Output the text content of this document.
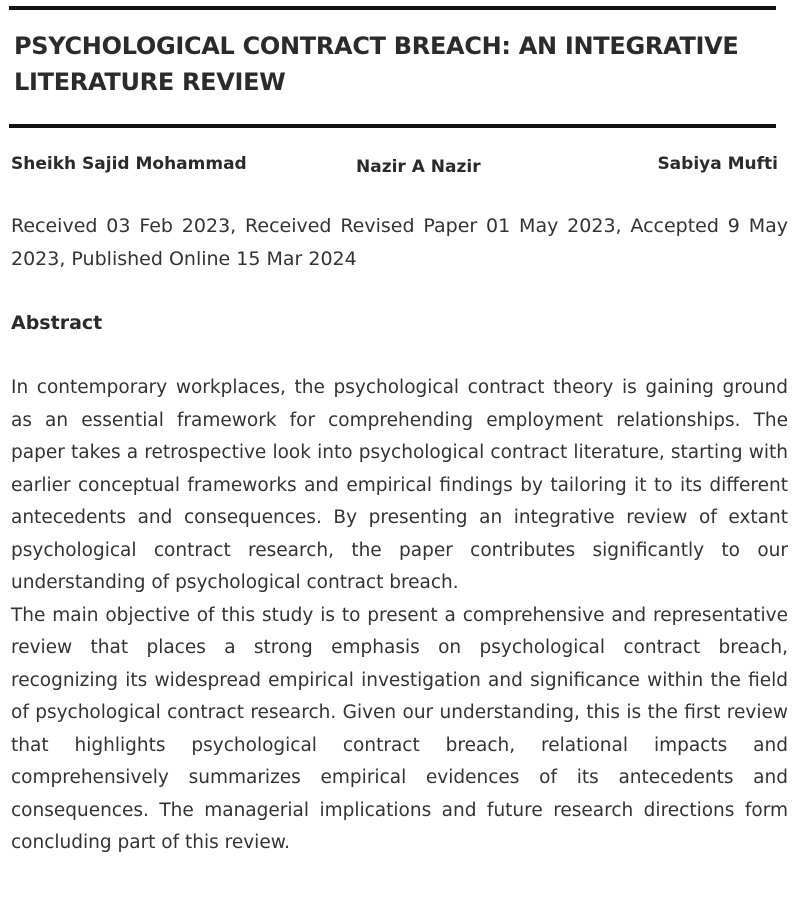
PSYCHOLOGICAL CONTRACT BREACH: AN INTEGRATIVE LITERATURE REVIEW
Sheikh Sajid Mohammad	Nazir A Nazir	Sabiya Mufti

Received 03 Feb 2023, Received Revised Paper 01 May 2023, Accepted 9 May 2023, Published Online 15 Mar 2024

Abstract

In contemporary workplaces, the psychological contract theory is gaining ground as an essential framework for comprehending employment relationships. The paper takes a retrospective look into psychological contract literature, starting with earlier conceptual frameworks and empirical findings by tailoring it to its different antecedents and consequences. By presenting an integrative review of extant psychological contract research, the paper contributes significantly to our understanding of psychological contract breach.

The main objective of this study is to present a comprehensive and representative review that places a strong emphasis on psychological contract breach, recognizing its widespread empirical investigation and significance within the field of psychological contract research. Given our understanding, this is the first review that highlights psychological contract breach, relational impacts and comprehensively summarizes empirical evidences of its antecedents and consequences. The managerial implications and future research directions form concluding part of this review.
